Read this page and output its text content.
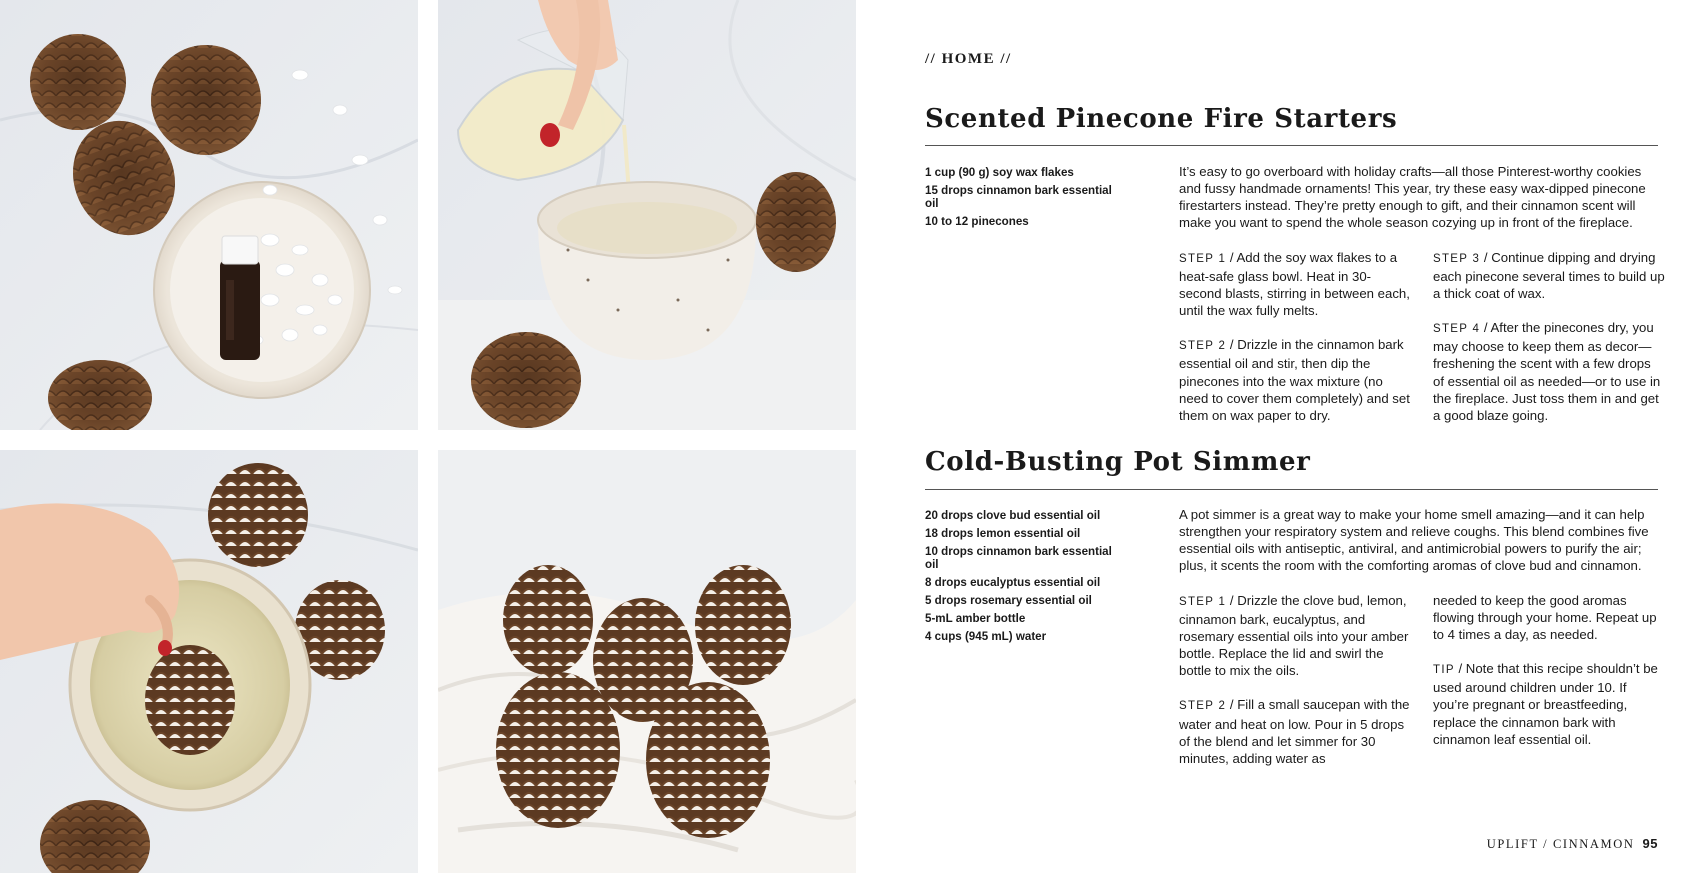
// HOME //
Scented Pinecone Fire Starters
1 cup (90 g) soy wax flakes
15 drops cinnamon bark essential oil
10 to 12 pinecones

It’s easy to go overboard with holiday crafts—all those Pinterest-worthy cookies and fussy handmade ornaments! This year, try these easy wax-dipped pinecone firestarters instead. They’re pretty enough to gift, and their cinnamon scent will make you want to spend the whole season cozying up in front of the fireplace.

STEP 1 / Add the soy wax flakes to a heat-safe glass bowl. Heat in 30-second blasts, stirring in between each, until the wax fully melts.

STEP 2 / Drizzle in the cinnamon bark essential oil and stir, then dip the pinecones into the wax mixture (no need to cover them completely) and set them on wax paper to dry.

STEP 3 / Continue dipping and drying each pinecone several times to build up a thick coat of wax.

STEP 4 / After the pinecones dry, you may choose to keep them as decor—freshening the scent with a few drops of essential oil as needed—or to use in the fireplace. Just toss them in and get a good blaze going.

Cold-Busting Pot Simmer
20 drops clove bud essential oil
18 drops lemon essential oil
10 drops cinnamon bark essential oil
8 drops eucalyptus essential oil
5 drops rosemary essential oil
5-mL amber bottle
4 cups (945 mL) water

A pot simmer is a great way to make your home smell amazing—and it can help strengthen your respiratory system and relieve coughs. This blend combines five essential oils with antiseptic, antiviral, and antimicrobial powers to purify the air; plus, it scents the room with the comforting aromas of clove bud and cinnamon.

STEP 1 / Drizzle the clove bud, lemon, cinnamon bark, eucalyptus, and rosemary essential oils into your amber bottle. Replace the lid and swirl the bottle to mix the oils.

STEP 2 / Fill a small saucepan with the water and heat on low. Pour in 5 drops of the blend and let simmer for 30 minutes, adding water as

needed to keep the good aromas flowing through your home. Repeat up to 4 times a day, as needed.

TIP / Note that this recipe shouldn’t be used around children under 10. If you’re pregnant or breastfeeding, replace the cinnamon bark with cinnamon leaf essential oil.

UPLIFT / CINNAMON 95
